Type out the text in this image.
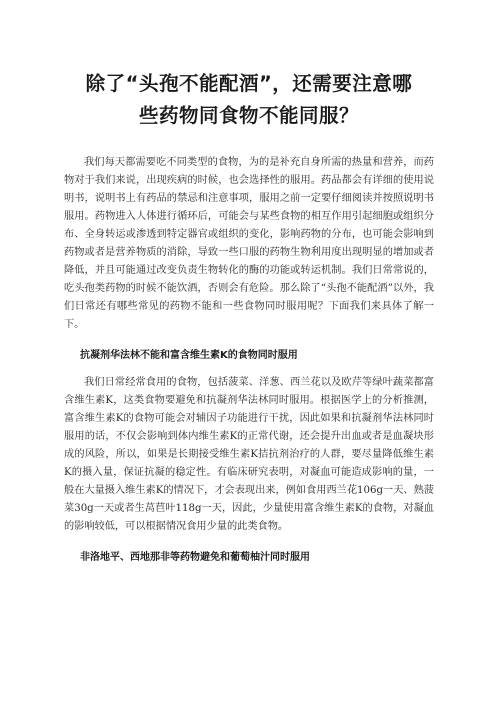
除了“头孢不能配酒”，还需要注意哪
些药物同食物不能同服？

我们每天都需要吃不同类型的食物，为的是补充自身所需的热量和营养，而药物对于我们来说，出现疾病的时候，也会选择性的服用。药品都会有详细的使用说明书，说明书上有药品的禁忌和注意事项，服用之前一定要仔细阅读并按照说明书服用。药物进入人体进行循环后，可能会与某些食物的相互作用引起细胞或组织分布、全身转运或渗透到特定器官或组织的变化，影响药物的分布，也可能会影响到药物或者是营养物质的消除，导致一些口服的药物生物利用度出现明显的增加或者降低，并且可能通过改变负责生物转化的酶的功能或转运机制。我们日常常说的，吃头孢类药物的时候不能饮酒，否则会有危险。那么除了“头孢不能配酒”以外，我们日常还有哪些常见的药物不能和一些食物同时服用呢？下面我们来具体了解一下。

抗凝剂华法林不能和富含维生素K的食物同时服用

我们日常经常食用的食物，包括菠菜、洋葱、西兰花以及欧芹等绿叶蔬菜都富含维生素K，这类食物要避免和抗凝剂华法林同时服用。根据医学上的分析推测，富含维生素K的食物可能会对辅因子功能进行干扰，因此如果和抗凝剂华法林同时服用的话，不仅会影响到体内维生素K的正常代谢，还会提升出血或者是血凝块形成的风险，所以，如果是长期接受维生素K拮抗剂治疗的人群，要尽量降低维生素K的摄入量，保证抗凝的稳定性。有临床研究表明，对凝血可能造成影响的量，一般在大量摄入维生素K的情况下，才会表现出来，例如食用西兰花106g一天、熟菠菜30g一天或者生莴苣叶118g一天，因此，少量使用富含维生素K的食物，对凝血的影响较低，可以根据情况食用少量的此类食物。

非洛地平、西地那非等药物避免和葡萄柚汁同时服用
